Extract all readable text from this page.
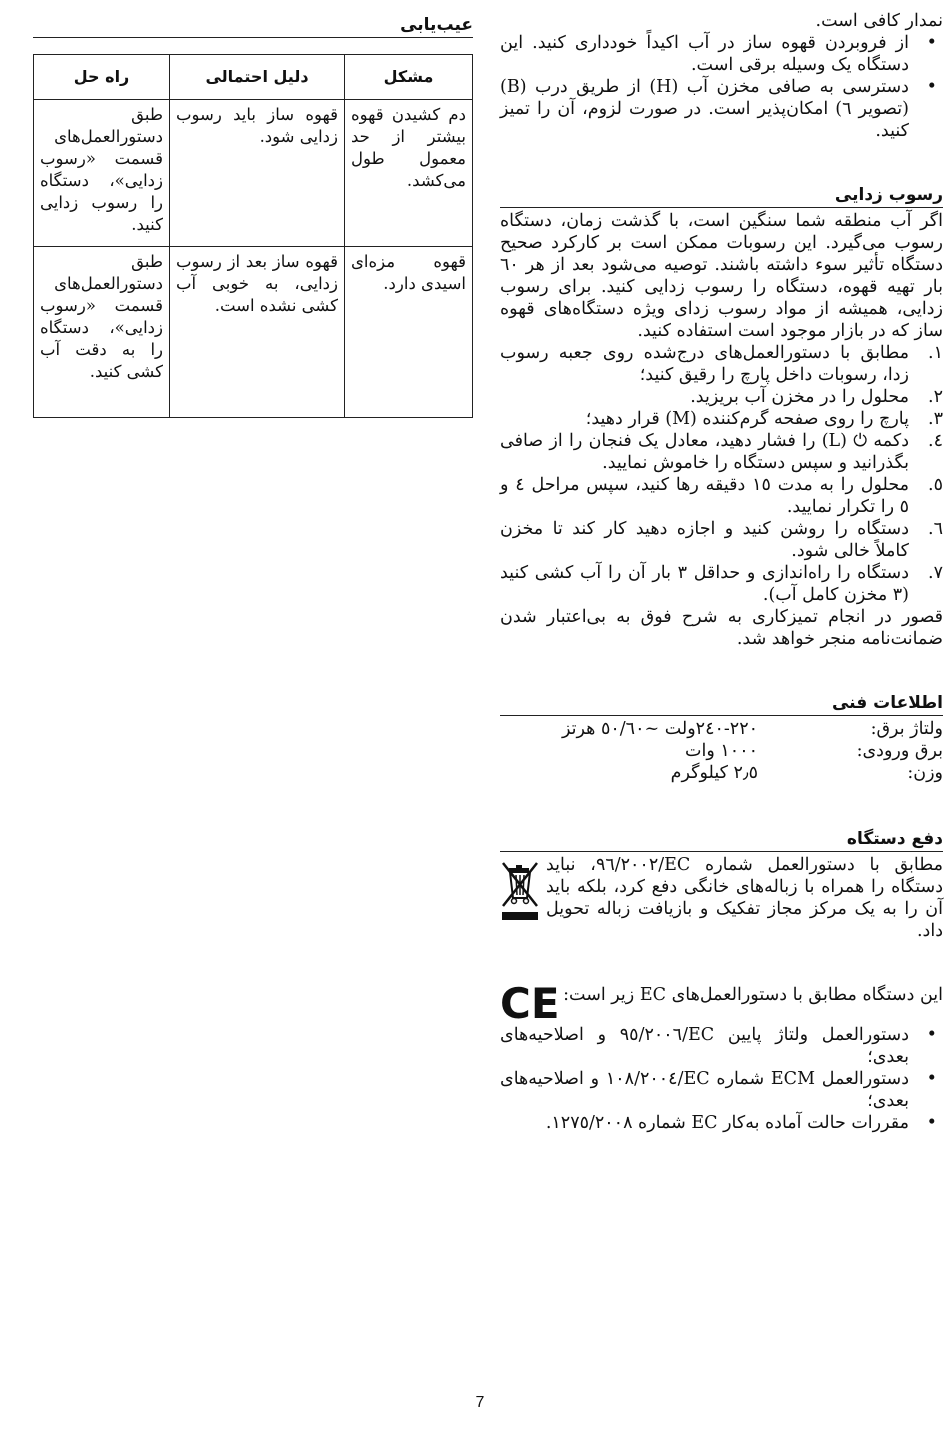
نمدار کافی است.

• از فروبردن قهوه ساز در آب اکیداً خودداری کنید. این دستگاه یک وسیله برقی است.
• دسترسی به صافی مخزن آب (H) از طریق درب (B) (تصویر ٦) امکان‌پذیر است. در صورت لزوم، آن را تمیز کنید.
رسوب زدایی

اگر آب منطقه شما سنگین است، با گذشت زمان، دستگاه رسوب می‌گیرد. این رسوبات ممکن است بر کارکرد صحیح دستگاه تأثیر سوء داشته باشند. توصیه می‌شود بعد از هر ٦٠ بار تهیه قهوه، دستگاه را رسوب زدایی کنید. برای رسوب زدایی، همیشه از مواد رسوب زدای ویژه دستگاه‌های قهوه ساز که در بازار موجود است استفاده کنید.

١.
مطابق با دستورالعمل‌های درج‌شده روی جعبه رسوب زدا، رسوبات داخل پارچ را رقیق کنید؛
٢.
محلول را در مخزن آب بریزید.
٣.
پارچ را روی صفحه گرم‌کننده (M) قرار دهید؛
٤.
دکمه ⏻ (L) را فشار دهید، معادل یک فنجان را از صافی بگذرانید و سپس دستگاه را خاموش نمایید.
٥.
محلول را به مدت ١٥ دقیقه رها کنید، سپس مراحل ٤ و ٥ را تکرار نمایید.
٦.
دستگاه را روشن کنید و اجازه دهید کار کند تا مخزن کاملاً خالی شود.
٧.
دستگاه را راه‌اندازی و حداقل ٣ بار آن را آب کشی کنید (٣ مخزن کامل آب).

قصور در انجام تمیزکاری به شرح فوق به بی‌اعتبار شدن ضمانت‌نامه منجر خواهد شد.

اطلاعات فنی
ولتاژ برق:
٢٢٠-٢٤٠ولت ~٥٠/٦٠ هرتز
برق ورودی:
١٠٠٠ وات
وزن:
٢٫٥ کیلوگرم
دفع دستگاه

مطابق با دستورالعمل شماره EC/٩٦/٢٠٠٢، نباید دستگاه را همراه با زباله‌های خانگی دفع کرد، بلکه باید آن را به یک مرکز مجاز تفکیک و بازیافت زباله تحویل داد.

CE این دستگاه مطابق با دستورالعمل‌های EC زیر است:

• دستورالعمل ولتاژ پایین EC/٩٥/٢٠٠٦ و اصلاحیه‌های بعدی؛
• دستورالعمل ECM شماره EC/١٠٨/٢٠٠٤ و اصلاحیه‌های بعدی؛
• مقررات حالت آماده به‌کار EC شماره ١٢٧٥/٢٠٠٨.
عیب‌یابی
مشکل	دلیل احتمالی	راه حل
دم کشیدن قهوه بیشتر از حد معمول طول می‌کشد.	قهوه ساز باید رسوب زدایی شود.	طبق دستورالعمل‌های قسمت «رسوب زدایی»، دستگاه را رسوب زدایی کنید.
قهوه مزه‌ای اسیدی دارد.	قهوه ساز بعد از رسوب زدایی، به خوبی آب کشی نشده است.	طبق دستورالعمل‌های قسمت «رسوب زدایی»، دستگاه را به دقت آب کشی کنید.
7
